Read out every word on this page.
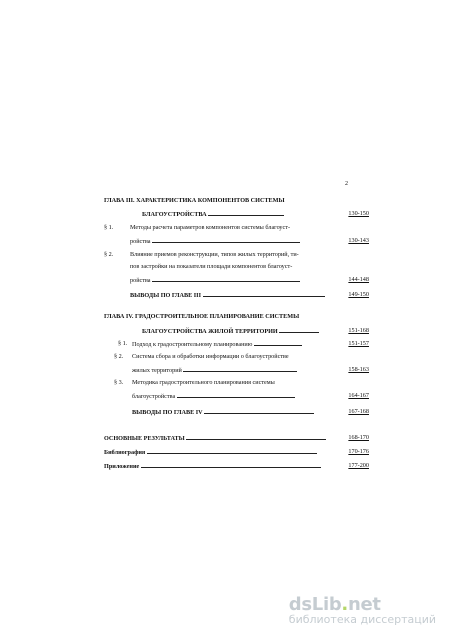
2
ГЛАВА III. ХАРАКТЕРИСТИКА КОМПОНЕНТОВ СИСТЕМЫ
БЛАГОУСТРОЙСТВА	130-150
§ 1.	Методы расчета параметров компонентов системы благоуст-
ройства	130-143
§ 2.	Влияние приемов реконструкции, типов жилых территорий, ти-
пов застройки на показатели площади компонентов благоуст-
ройства	144-148
ВЫВОДЫ ПО ГЛАВЕ III	149-150
ГЛАВА IV. ГРАДОСТРОИТЕЛЬНОЕ ПЛАНИРОВАНИЕ СИСТЕМЫ
БЛАГОУСТРОЙСТВА ЖИЛОЙ ТЕРРИТОРИИ	151-168
§ 1. Подход к градостроительному планированию	151-157
§ 2. Система сбора и обработки информации о благоустройстве
жилых территорий	158-163
§ 3. Методика градостроительного планирования системы
благоустройства	164-167
ВЫВОДЫ ПО ГЛАВЕ IV	167-168
ОСНОВНЫЕ РЕЗУЛЬТАТЫ	168-170
Библиография	170-176
Приложение	177-200
dsLib.net
библиотека диссертаций
